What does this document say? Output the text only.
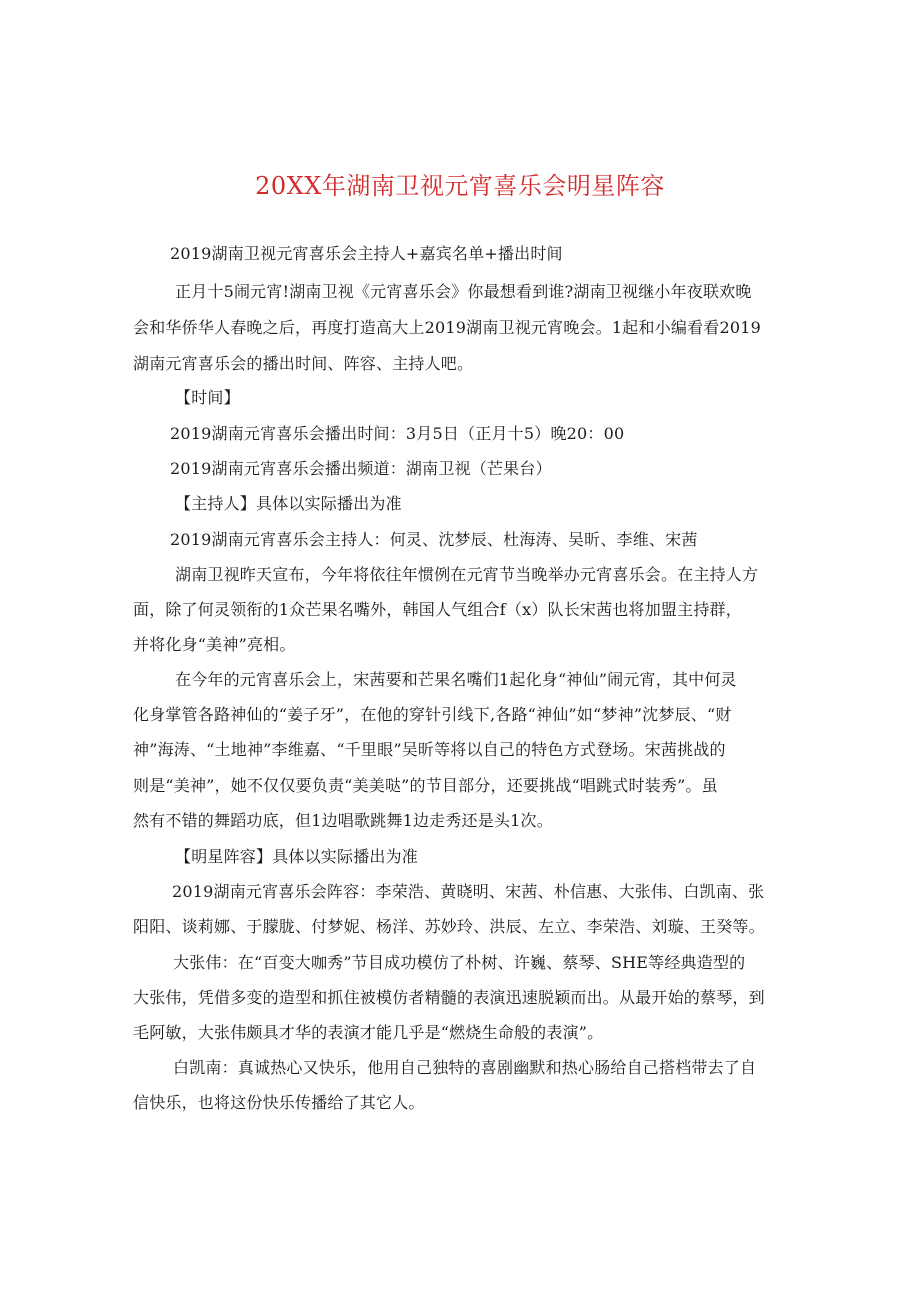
20XX年湖南卫视元宵喜乐会明星阵容
2019湖南卫视元宵喜乐会主持人+嘉宾名单+播出时间
正月十5闹元宵!湖南卫视《元宵喜乐会》你最想看到谁?湖南卫视继小年夜联欢晚
会和华侨华人春晚之后，再度打造高大上2019湖南卫视元宵晚会。1起和小编看看2019
湖南元宵喜乐会的播出时间、阵容、主持人吧。
【时间】
2019湖南元宵喜乐会播出时间：3月5日（正月十5）晚20：00
2019湖南元宵喜乐会播出频道：湖南卫视（芒果台）
【主持人】具体以实际播出为准
2019湖南元宵喜乐会主持人：何灵、沈梦辰、杜海涛、吴昕、李维、宋茜
湖南卫视昨天宣布，今年将依往年惯例在元宵节当晚举办元宵喜乐会。在主持人方
面，除了何灵领衔的1众芒果名嘴外，韩国人气组合f（x）队长宋茜也将加盟主持群，
并将化身“美神”亮相。
在今年的元宵喜乐会上，宋茜要和芒果名嘴们1起化身“神仙”闹元宵，其中何灵
化身掌管各路神仙的“姜子牙”，在他的穿针引线下,各路“神仙”如“梦神”沈梦辰、“财
神”海涛、“土地神”李维嘉、“千里眼”吴昕等将以自己的特色方式登场。宋茜挑战的
则是“美神”，她不仅仅要负责“美美哒”的节目部分，还要挑战“唱跳式时装秀”。虽
然有不错的舞蹈功底，但1边唱歌跳舞1边走秀还是头1次。
【明星阵容】具体以实际播出为准
2019湖南元宵喜乐会阵容：李荣浩、黄晓明、宋茜、朴信惠、大张伟、白凯南、张
阳阳、谈莉娜、于朦胧、付梦妮、杨洋、苏妙玲、洪辰、左立、李荣浩、刘璇、王癸等。
大张伟：在“百变大咖秀”节目成功模仿了朴树、许巍、蔡琴、SHE等经典造型的
大张伟，凭借多变的造型和抓住被模仿者精髓的表演迅速脱颖而出。从最开始的蔡琴，到
毛阿敏，大张伟颇具才华的表演才能几乎是“燃烧生命般的表演”。
白凯南：真诚热心又快乐，他用自己独特的喜剧幽默和热心肠给自己搭档带去了自
信快乐，也将这份快乐传播给了其它人。
